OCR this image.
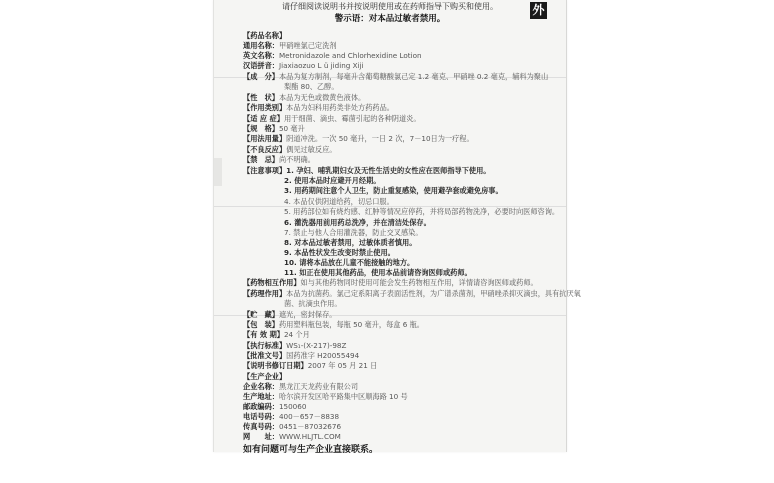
请仔细阅读说明书并按说明使用或在药师指导下购买和使用。
警示语：对本品过敏者禁用。
外
【药品名称】
通用名称：甲硝唑氯己定洗剂
英文名称：Metronidazole and Chlorhexidine Lotion
汉语拼音：Jiaxiaozuo L ü jiding Xiji
【成　分】本品为复方制剂，每毫升含葡萄糖酸氯己定 1.2 毫克、甲硝唑 0.2 毫克，辅料为聚山
梨酯 80、乙醇。
【性　状】本品为无色或微黄色液体。
【作用类别】本品为妇科用药类非处方药药品。
【适 应 症】用于细菌、滴虫、霉菌引起的各种阴道炎。
【规　格】50 毫升
【用法用量】阴道冲洗。一次 50 毫升，一日 2 次，7－10日为一疗程。
【不良反应】偶见过敏反应。
【禁　忌】尚不明确。
【注意事项】1. 孕妇、哺乳期妇女及无性生活史的女性应在医师指导下使用。
2. 使用本品时应避开月经期。
3. 用药期间注意个人卫生，防止重复感染，使用避孕套或避免房事。
4. 本品仅供阴道给药，切忌口服。
5. 用药部位如有烧灼感、红肿等情况应停药，并将局部药物洗净，必要时向医师咨询。
6. 灌洗器用前用药总洗净，并在清洁处保存。
7. 禁止与他人合用灌洗器，防止交叉感染。
8. 对本品过敏者禁用，过敏体质者慎用。
9. 本品性状发生改变时禁止使用。
10. 请将本品放在儿童不能接触的地方。
11. 如正在使用其他药品，使用本品前请咨询医师或药师。
【药物相互作用】如与其他药物同时使用可能会发生药物相互作用，详情请咨询医师或药师。
【药理作用】本品为抗菌药。氯己定系阳离子表面活性剂，为广谱杀菌剂，甲硝唑杀抑灭滴虫，具有抗厌氧
菌、抗滴虫作用。
【贮　藏】遮光，密封保存。
【包　装】药用塑料瓶包装，每瓶 50 毫升，每盒 6 瓶。
【有 效 期】24 个月
【执行标准】WS₁-(X-217)-98Z
【批准文号】国药准字 H20055494
【说明书修订日期】2007 年 05 月 21 日
【生产企业】
企业名称：黑龙江天龙药业有限公司
生产地址：哈尔滨开发区哈平路集中区顺海路 10 号
邮政编码：150060
电话号码：400－657－8838
传真号码：0451－87032676
网　　址：WWW.HLJTL.COM
如有问题可与生产企业直接联系。
